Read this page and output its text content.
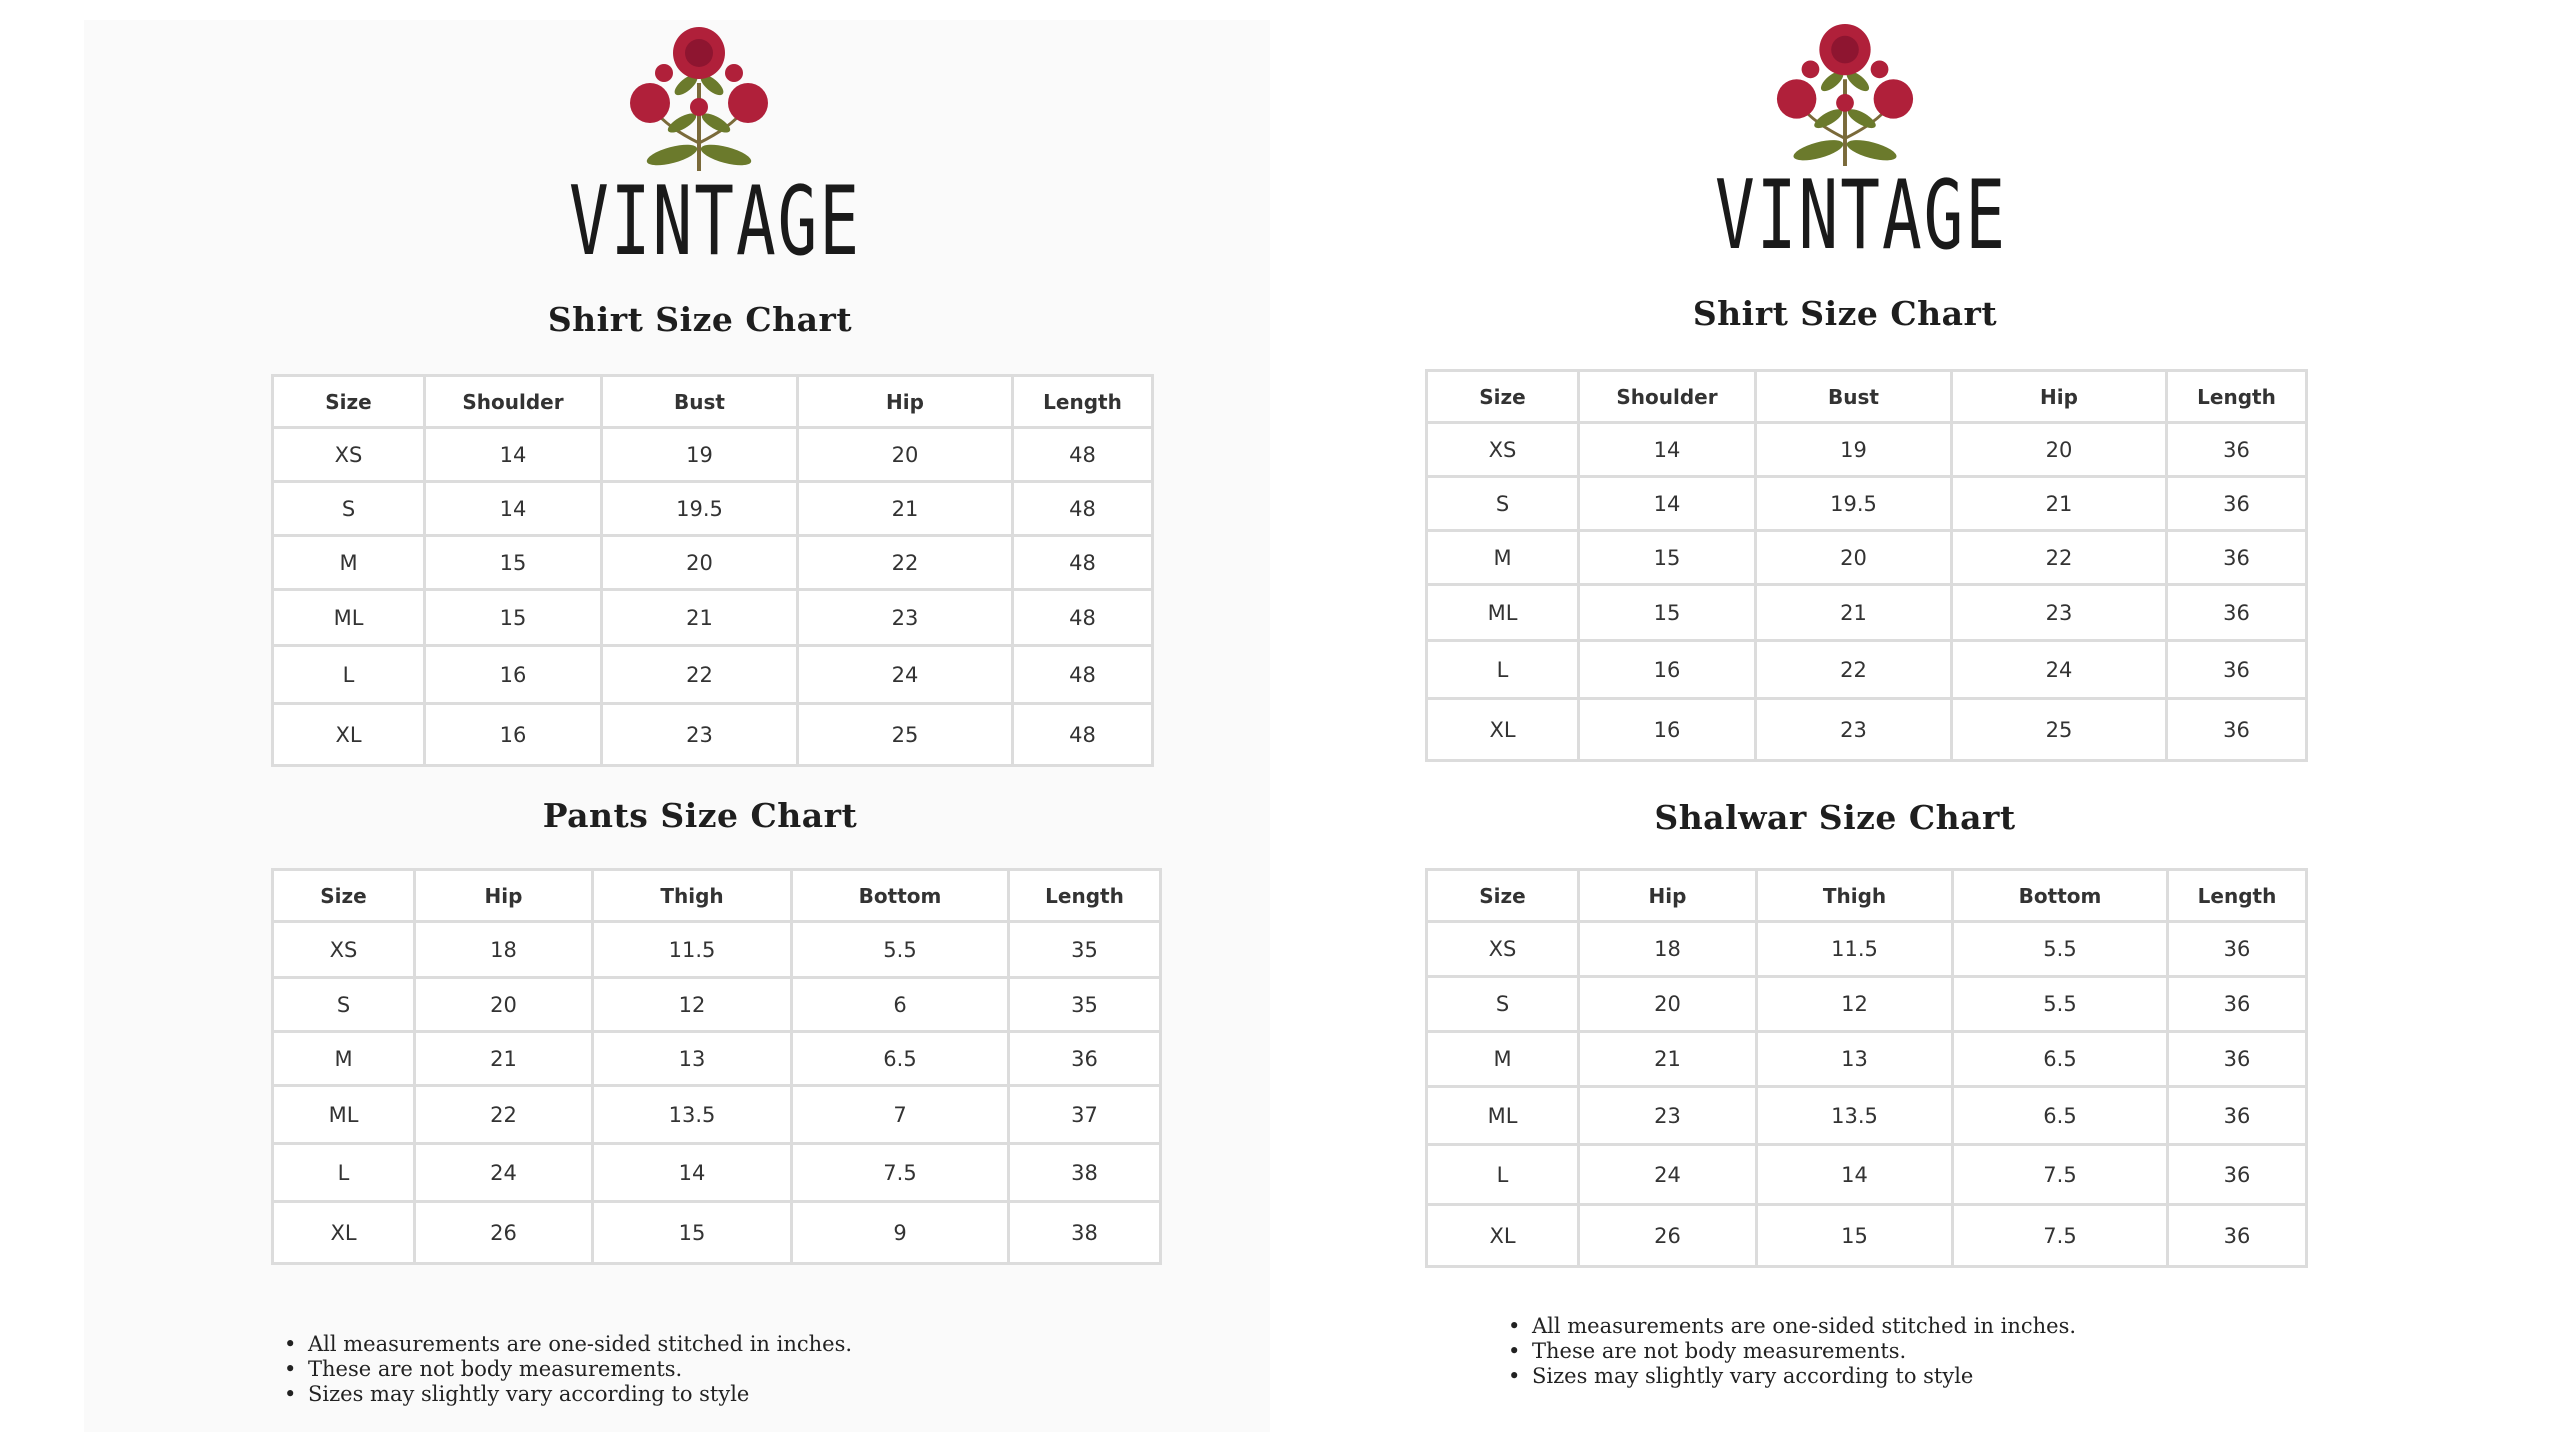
VINTAGE
Shirt Size Chart
Size	Shoulder	Bust	Hip	Length
XS	14	19	20	48
S	14	19.5	21	48
M	15	20	22	48
ML	15	21	23	48
L	16	22	24	48
XL	16	23	25	48
Pants Size Chart
Size	Hip	Thigh	Bottom	Length
XS	18	11.5	5.5	35
S	20	12	6	35
M	21	13	6.5	36
ML	22	13.5	7	37
L	24	14	7.5	38
XL	26	15	9	38
• All measurements are one-sided stitched in inches.
• These are not body measurements.
• Sizes may slightly vary according to style
VINTAGE
Shirt Size Chart
Size	Shoulder	Bust	Hip	Length
XS	14	19	20	36
S	14	19.5	21	36
M	15	20	22	36
ML	15	21	23	36
L	16	22	24	36
XL	16	23	25	36
Shalwar Size Chart
Size	Hip	Thigh	Bottom	Length
XS	18	11.5	5.5	36
S	20	12	5.5	36
M	21	13	6.5	36
ML	23	13.5	6.5	36
L	24	14	7.5	36
XL	26	15	7.5	36
• All measurements are one-sided stitched in inches.
• These are not body measurements.
• Sizes may slightly vary according to style
